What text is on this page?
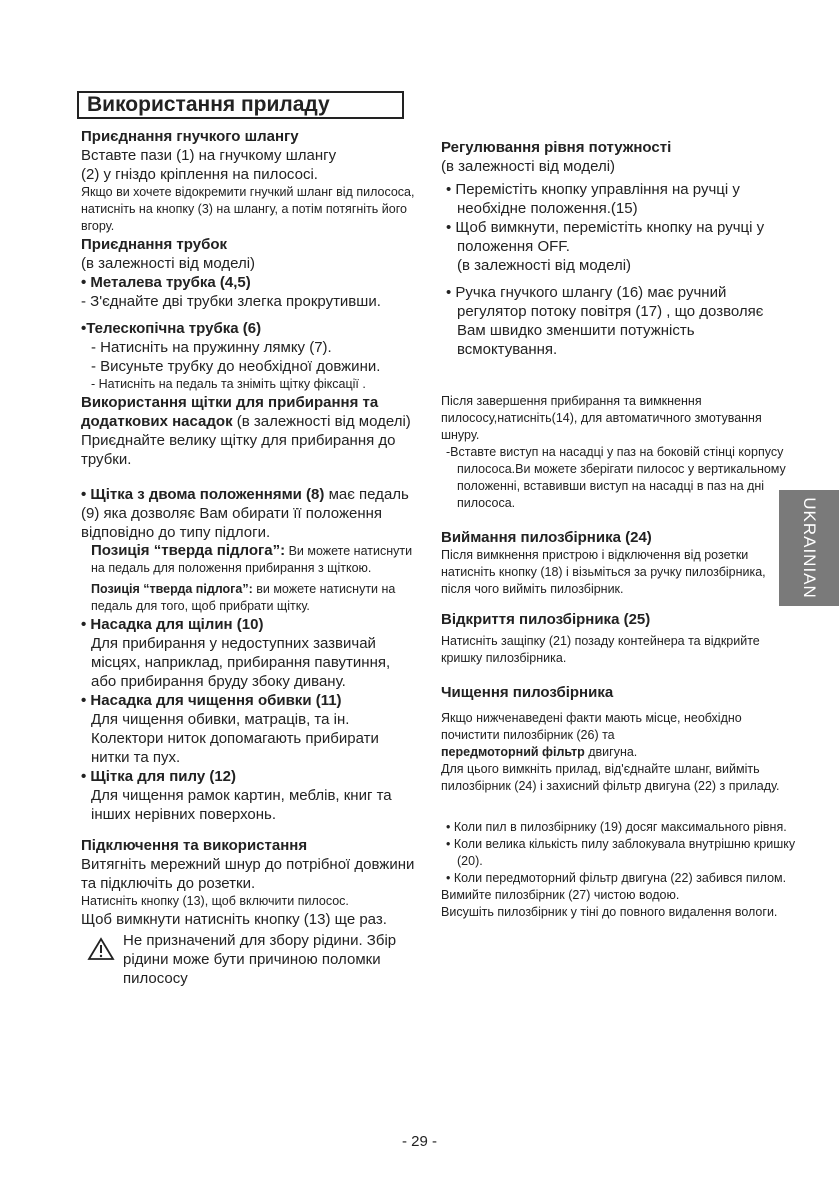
Використання приладу

Приєднання гнучкого шлангу

Вставте пази (1) на гнучкому шлангу

(2) у гніздо кріплення на пилососі.

Якщо ви хочете відокремити гнучкий шланг від пилососа, натисніть на кнопку (3) на шлангу, а потім потягніть його вгору.

Приєднання трубок

(в залежності від моделі)

• Металева трубка (4,5)

- З'єднайте дві трубки злегка прокрутивши.

•Телескопічна трубка (6)

- Натисніть на пружинну лямку (7).

- Висуньте трубку до необхідної довжини.

- Натисніть на педаль та зніміть щітку фіксації .

Використання щітки для прибирання та додаткових насадок (в залежності від моделі)

Приєднайте велику щітку для прибирання до трубки.

• Щітка з двома положеннями (8) має педаль (9) яка дозволяє Вам обирати її положення відповідно до типу підлоги.

Позиція “тверда підлога”: Ви можете натиснути на педаль для положення прибирання з щіткою.

Позиція “тверда підлога”: ви можете натиснути на педаль для того, щоб прибрати щітку.

• Насадка для щілин (10)

Для прибирання у недоступних зазвичай місцях, наприклад, прибирання павутиння, або прибирання бруду збоку дивану.

• Насадка для чищення обивки (11)

Для чищення обивки, матраців, та ін. Колектори ниток допомагають прибирати нитки та пух.

• Щітка для пилу (12)

Для чищення рамок картин, меблів, книг та інших нерівних поверхонь.

Підключення та використання

Витягніть мережний шнур до потрібної довжини та підключіть до розетки.

Натисніть кнопку (13), щоб включити пилосос.

Щоб вимкнути натисніть кнопку (13) ще раз.

Не призначений для збору рідини. Збір рідини може бути причиною поломки пилососу

Регулювання рівня потужності

(в залежності від моделі)

• Перемістіть кнопку управління на ручці у необхідне положення.(15)

• Щоб вимкнути, перемістіть кнопку на ручці у положення OFF.

(в залежності від моделі)

• Ручка гнучкого шлангу (16) має ручний регулятор потоку повітря (17) , що дозволяє Вам швидко зменшити потужність всмоктування.

Після завершення прибирання та вимкнення пилососу,натисніть(14), для автоматичного змотування шнуру.

-Вставте виступ на насадці у паз на боковій стінці корпусу пилососа.Ви можете зберігати пилосос у вертикальному положенні, вставивши виступ на насадці в паз на дні пилососа.

Виймання пилозбірника (24)

Після вимкнення пристрою і відключення від розетки натисніть кнопку (18) і візьміться за ручку пилозбірника, після чого вийміть пилозбірник.

Відкриття пилозбірника (25)

Натисніть защіпку (21) позаду контейнера та відкрийте кришку пилозбірника.

Чищення пилозбірника

Якщо нижченаведені факти мають місце, необхідно почистити пилозбірник (26) та

передмоторний фільтр двигуна.

Для цього вимкніть прилад, від'єднайте шланг, вийміть пилозбірник (24) і захисний фільтр двигуна (22) з приладу.

• Коли пил в пилозбірнику (19) досяг максимального рівня.

• Коли велика кількість пилу заблокувала внутрішню кришку (20).

• Коли передмоторний фільтр двигуна (22) забився пилом.

Вимийте пилозбірник (27) чистою водою.

Висушіть пилозбірник у тіні до повного видалення вологи.

UKRAINIAN
- 29 -
